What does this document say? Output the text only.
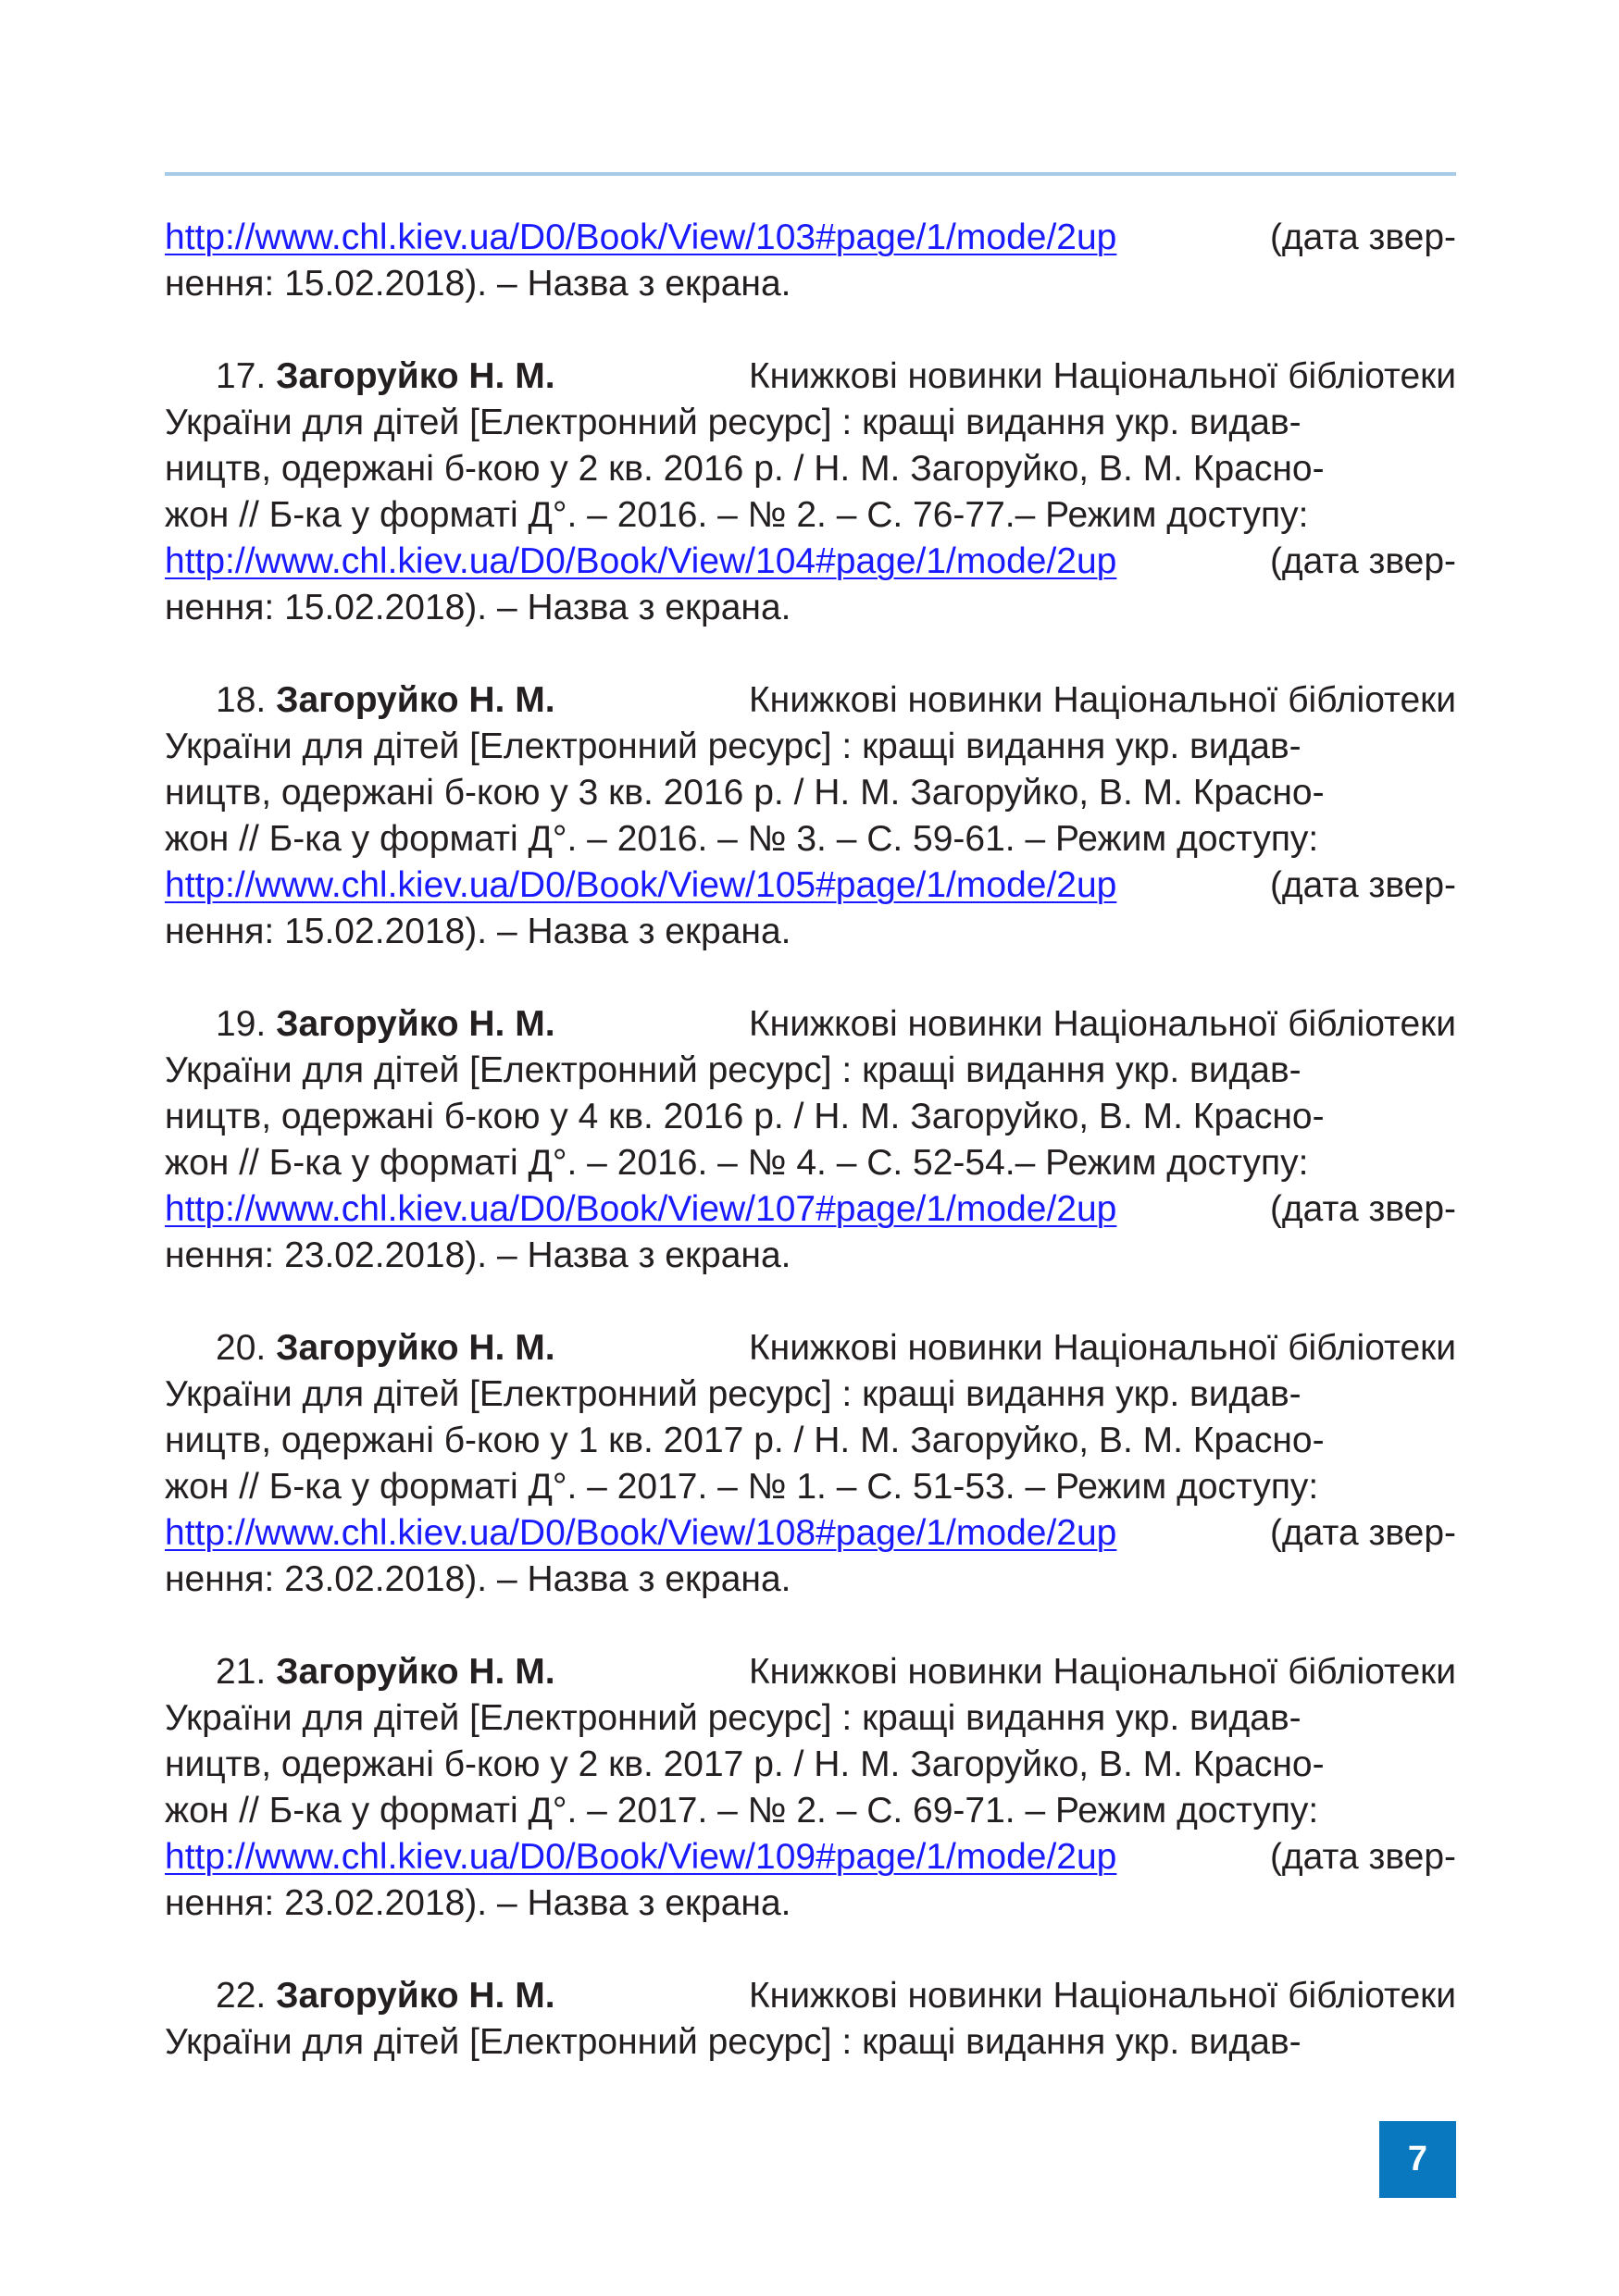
http://www.chl.kiev.ua/D0/Book/View/103#page/1/mode/2up	(дата звер-
нення: 15.02.2018). – Назва з екрана.
17. Загоруйко Н. М.	Книжкові новинки Національної бібліотеки
України для дітей [Електронний ресурс] : кращі видання укр. видав-
ництв, одержані б-кою у 2 кв. 2016 р. / Н. М. Загоруйко, В. М. Красно-
жон // Б-ка у форматі Д°. – 2016. – № 2. – С. 76-77.– Режим доступу:
http://www.chl.kiev.ua/D0/Book/View/104#page/1/mode/2up	(дата звер-
нення: 15.02.2018). – Назва з екрана.
18. Загоруйко Н. М.	Книжкові новинки Національної бібліотеки
України для дітей [Електронний ресурс] : кращі видання укр. видав-
ництв, одержані б-кою у 3 кв. 2016 р. / Н. М. Загоруйко, В. М. Красно-
жон // Б-ка у форматі Д°. – 2016. – № 3. – С. 59-61. – Режим доступу:
http://www.chl.kiev.ua/D0/Book/View/105#page/1/mode/2up	(дата звер-
нення: 15.02.2018). – Назва з екрана.
19. Загоруйко Н. М.	Книжкові новинки Національної бібліотеки
України для дітей [Електронний ресурс] : кращі видання укр. видав-
ництв, одержані б-кою у 4 кв. 2016 р. / Н. М. Загоруйко, В. М. Красно-
жон // Б-ка у форматі Д°. – 2016. – № 4. – С. 52-54.– Режим доступу:
http://www.chl.kiev.ua/D0/Book/View/107#page/1/mode/2up	(дата звер-
нення: 23.02.2018). – Назва з екрана.
20. Загоруйко Н. М.	Книжкові новинки Національної бібліотеки
України для дітей [Електронний ресурс] : кращі видання укр. видав-
ництв, одержані б-кою у 1 кв. 2017 р. / Н. М. Загоруйко, В. М. Красно-
жон // Б-ка у форматі Д°. – 2017. – № 1. – С. 51-53. – Режим доступу:
http://www.chl.kiev.ua/D0/Book/View/108#page/1/mode/2up	(дата звер-
нення: 23.02.2018). – Назва з екрана.
21. Загоруйко Н. М.	Книжкові новинки Національної бібліотеки
України для дітей [Електронний ресурс] : кращі видання укр. видав-
ництв, одержані б-кою у 2 кв. 2017 р. / Н. М. Загоруйко, В. М. Красно-
жон // Б-ка у форматі Д°. – 2017. – № 2. – С. 69-71. – Режим доступу:
http://www.chl.kiev.ua/D0/Book/View/109#page/1/mode/2up	(дата звер-
нення: 23.02.2018). – Назва з екрана.
22. Загоруйко Н. М.	Книжкові новинки Національної бібліотеки
України для дітей [Електронний ресурс] : кращі видання укр. видав-
7
